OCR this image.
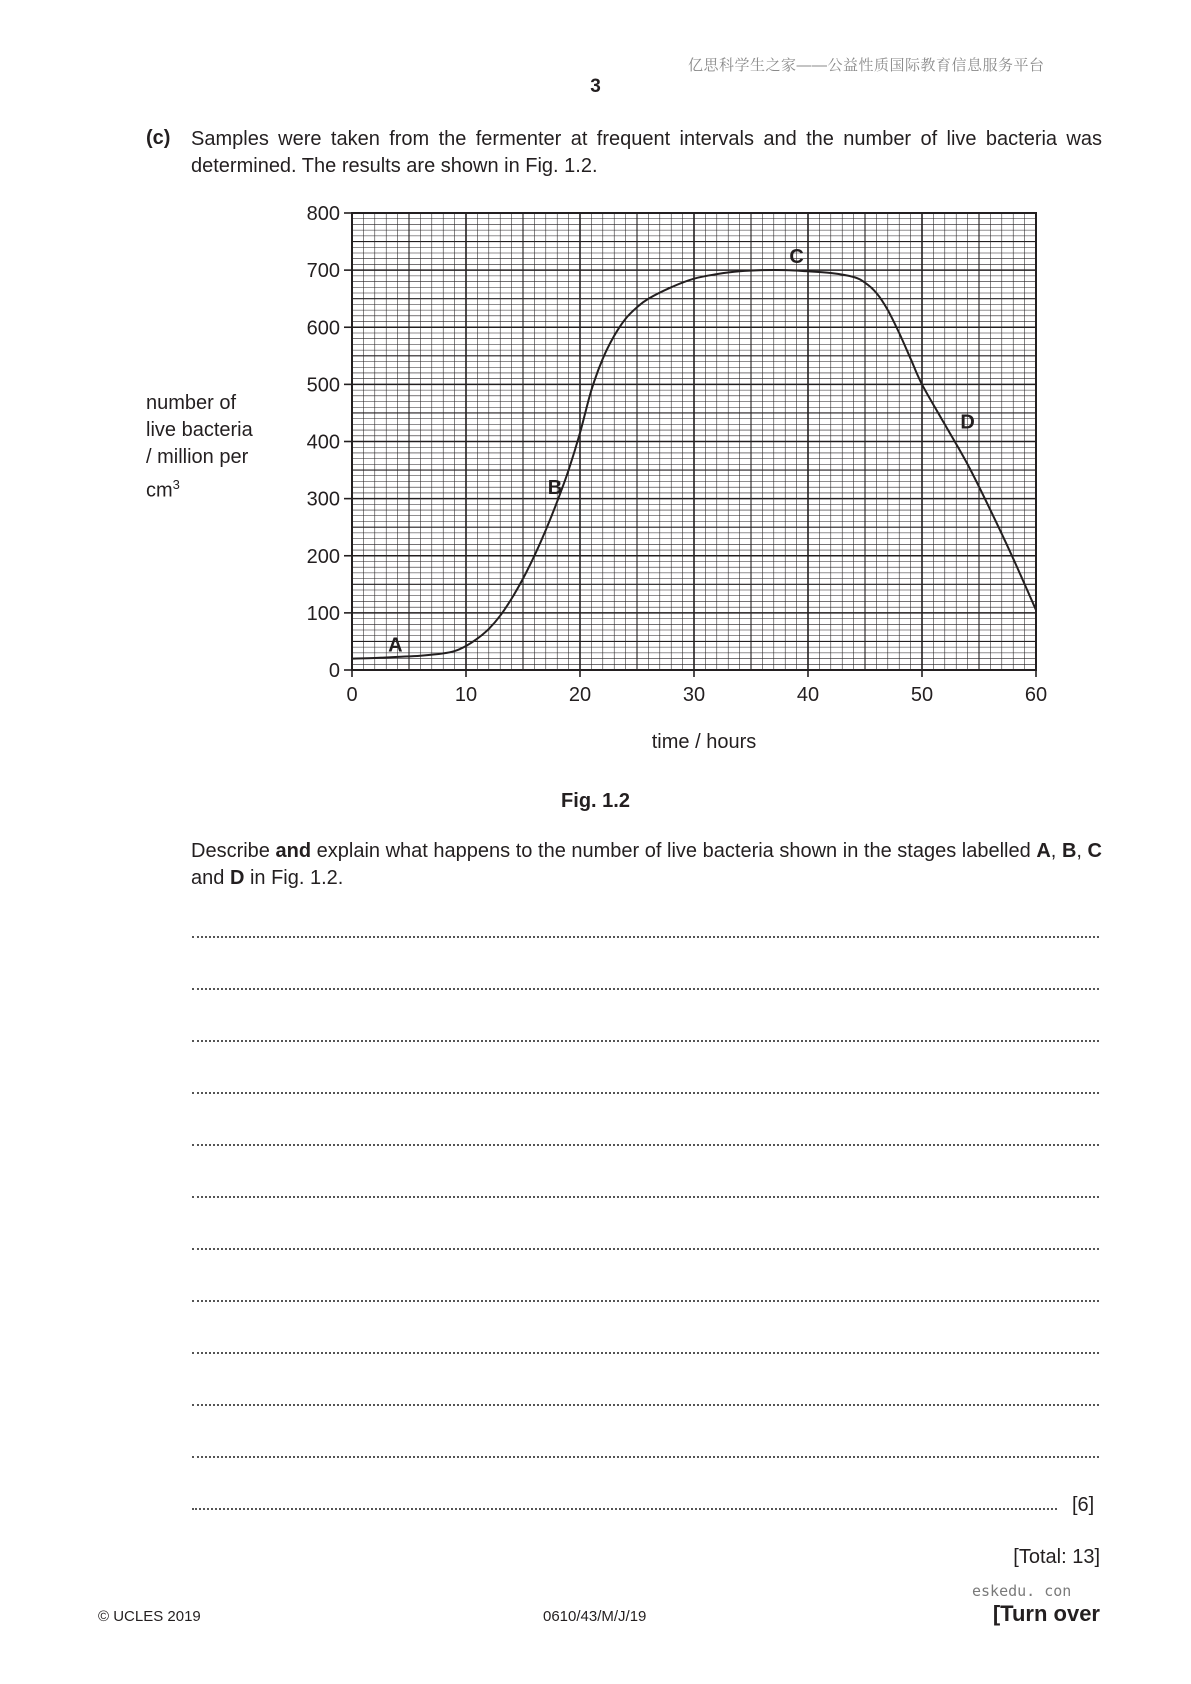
亿思科学生之家——公益性质国际教育信息服务平台
3
(c) Samples were taken from the fermenter at frequent intervals and the number of live bacteria was determined. The results are shown in Fig. 1.2.
number of
live bacteria
/ million per
$cm^3$
0
100
200
300
400
500
600
700
800
0	10	20	30	40	50	60
time / hours
A
B
C
D
Fig. 1.2
Describe and explain what happens to the number of live bacteria shown in the stages labelled A, B, C and D in Fig. 1.2.
[6]
[Total: 13]
eskedu. con
© UCLES 2019	0610/43/M/J/19	[Turn over
